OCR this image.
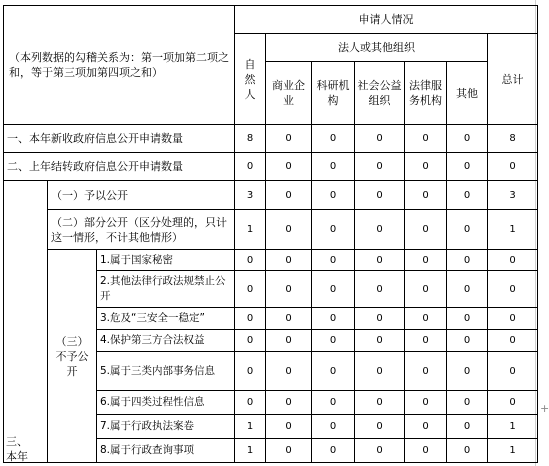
（本列数据的勾稽关系为：第一项加第二项之和，等于第三项加第四项之和）			申请人情况						
			自然人	法人或其他组织					总计
				商业企业	科研机构	社会公益组织	法律服务机构	其他	
一、本年新收政府信息公开申请数量			8	0	0	0	0	0	8
二、上年结转政府信息公开申请数量			0	0	0	0	0	0	0
	（一）予以公开		3	0	0	0	0	0	3
	（二）部分公开（区分处理的，只计这一情形，不计其他情形）		1	0	0	0	0	0	1
	（三）不予公开	1.属于国家秘密	0	0	0	0	0	0	0
		2.其他法律行政法规禁止公开	0	0	0	0	0	0	0
		3.危及“三安全一稳定”	0	0	0	0	0	0	0
		4.保护第三方合法权益	0	0	0	0	0	0	0
		5.属于三类内部事务信息	0	0	0	0	0	0	0
		6.属于四类过程性信息	0	0	0	0	0	0	0
		7.属于行政执法案卷	1	0	0	0	0	0	1
		8.属于行政查询事项	1	0	0	0	0	0	1
三、本年
+
